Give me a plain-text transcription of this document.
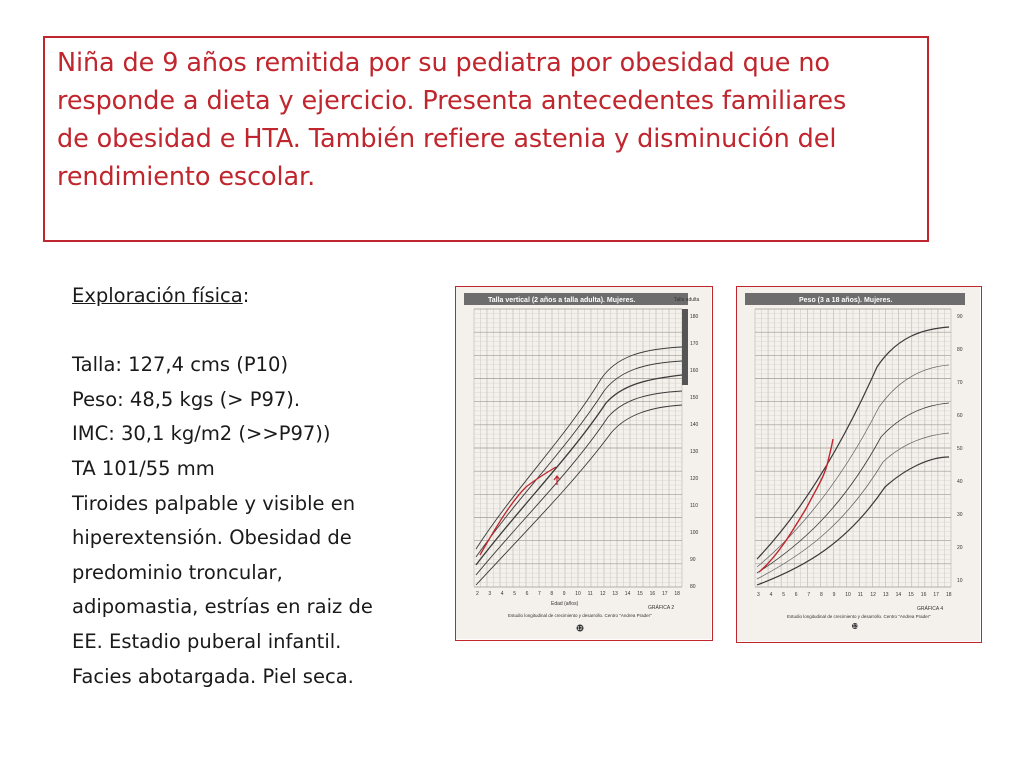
Niña de 9 años remitida por su pediatra por obesidad que no
responde a dieta y ejercicio. Presenta antecedentes familiares
de obesidad e HTA. También refiere astenia y disminución del
rendimiento escolar.

Exploración física:
Talla: 127,4 cms (P10)
Peso: 48,5 kgs (> P97).
IMC: 30,1 kg/m2 (>>P97))
TA 101/55 mm
Tiroides palpable y visible en
hiperextensión. Obesidad de
predominio troncular,
adipomastia, estrías en raiz de
EE. Estadio puberal infantil.
Facies abotargada. Piel seca.
Talla vertical (2 años a talla adulta). Mujeres.	Talla adulta
180
170
160
150
140
130
120
110
100
90
80
2 3 4 5 6 7 8 9 10 11 12 13 14 15 16 17 18
Edad (años)
GRÁFICA 2
Estudio longitudinal de crecimiento y desarrollo. Centro "Andrea Prader"
12
Peso (3 a 18 años). Mujeres.
90
80
70
60
50
40
30
20
10
3 4 5 6 7 8 9 10 11 12 13 14 15 16 17 18
GRÁFICA 4
Estudio longitudinal de crecimiento y desarrollo. Centro "Andrea Prader"
13
